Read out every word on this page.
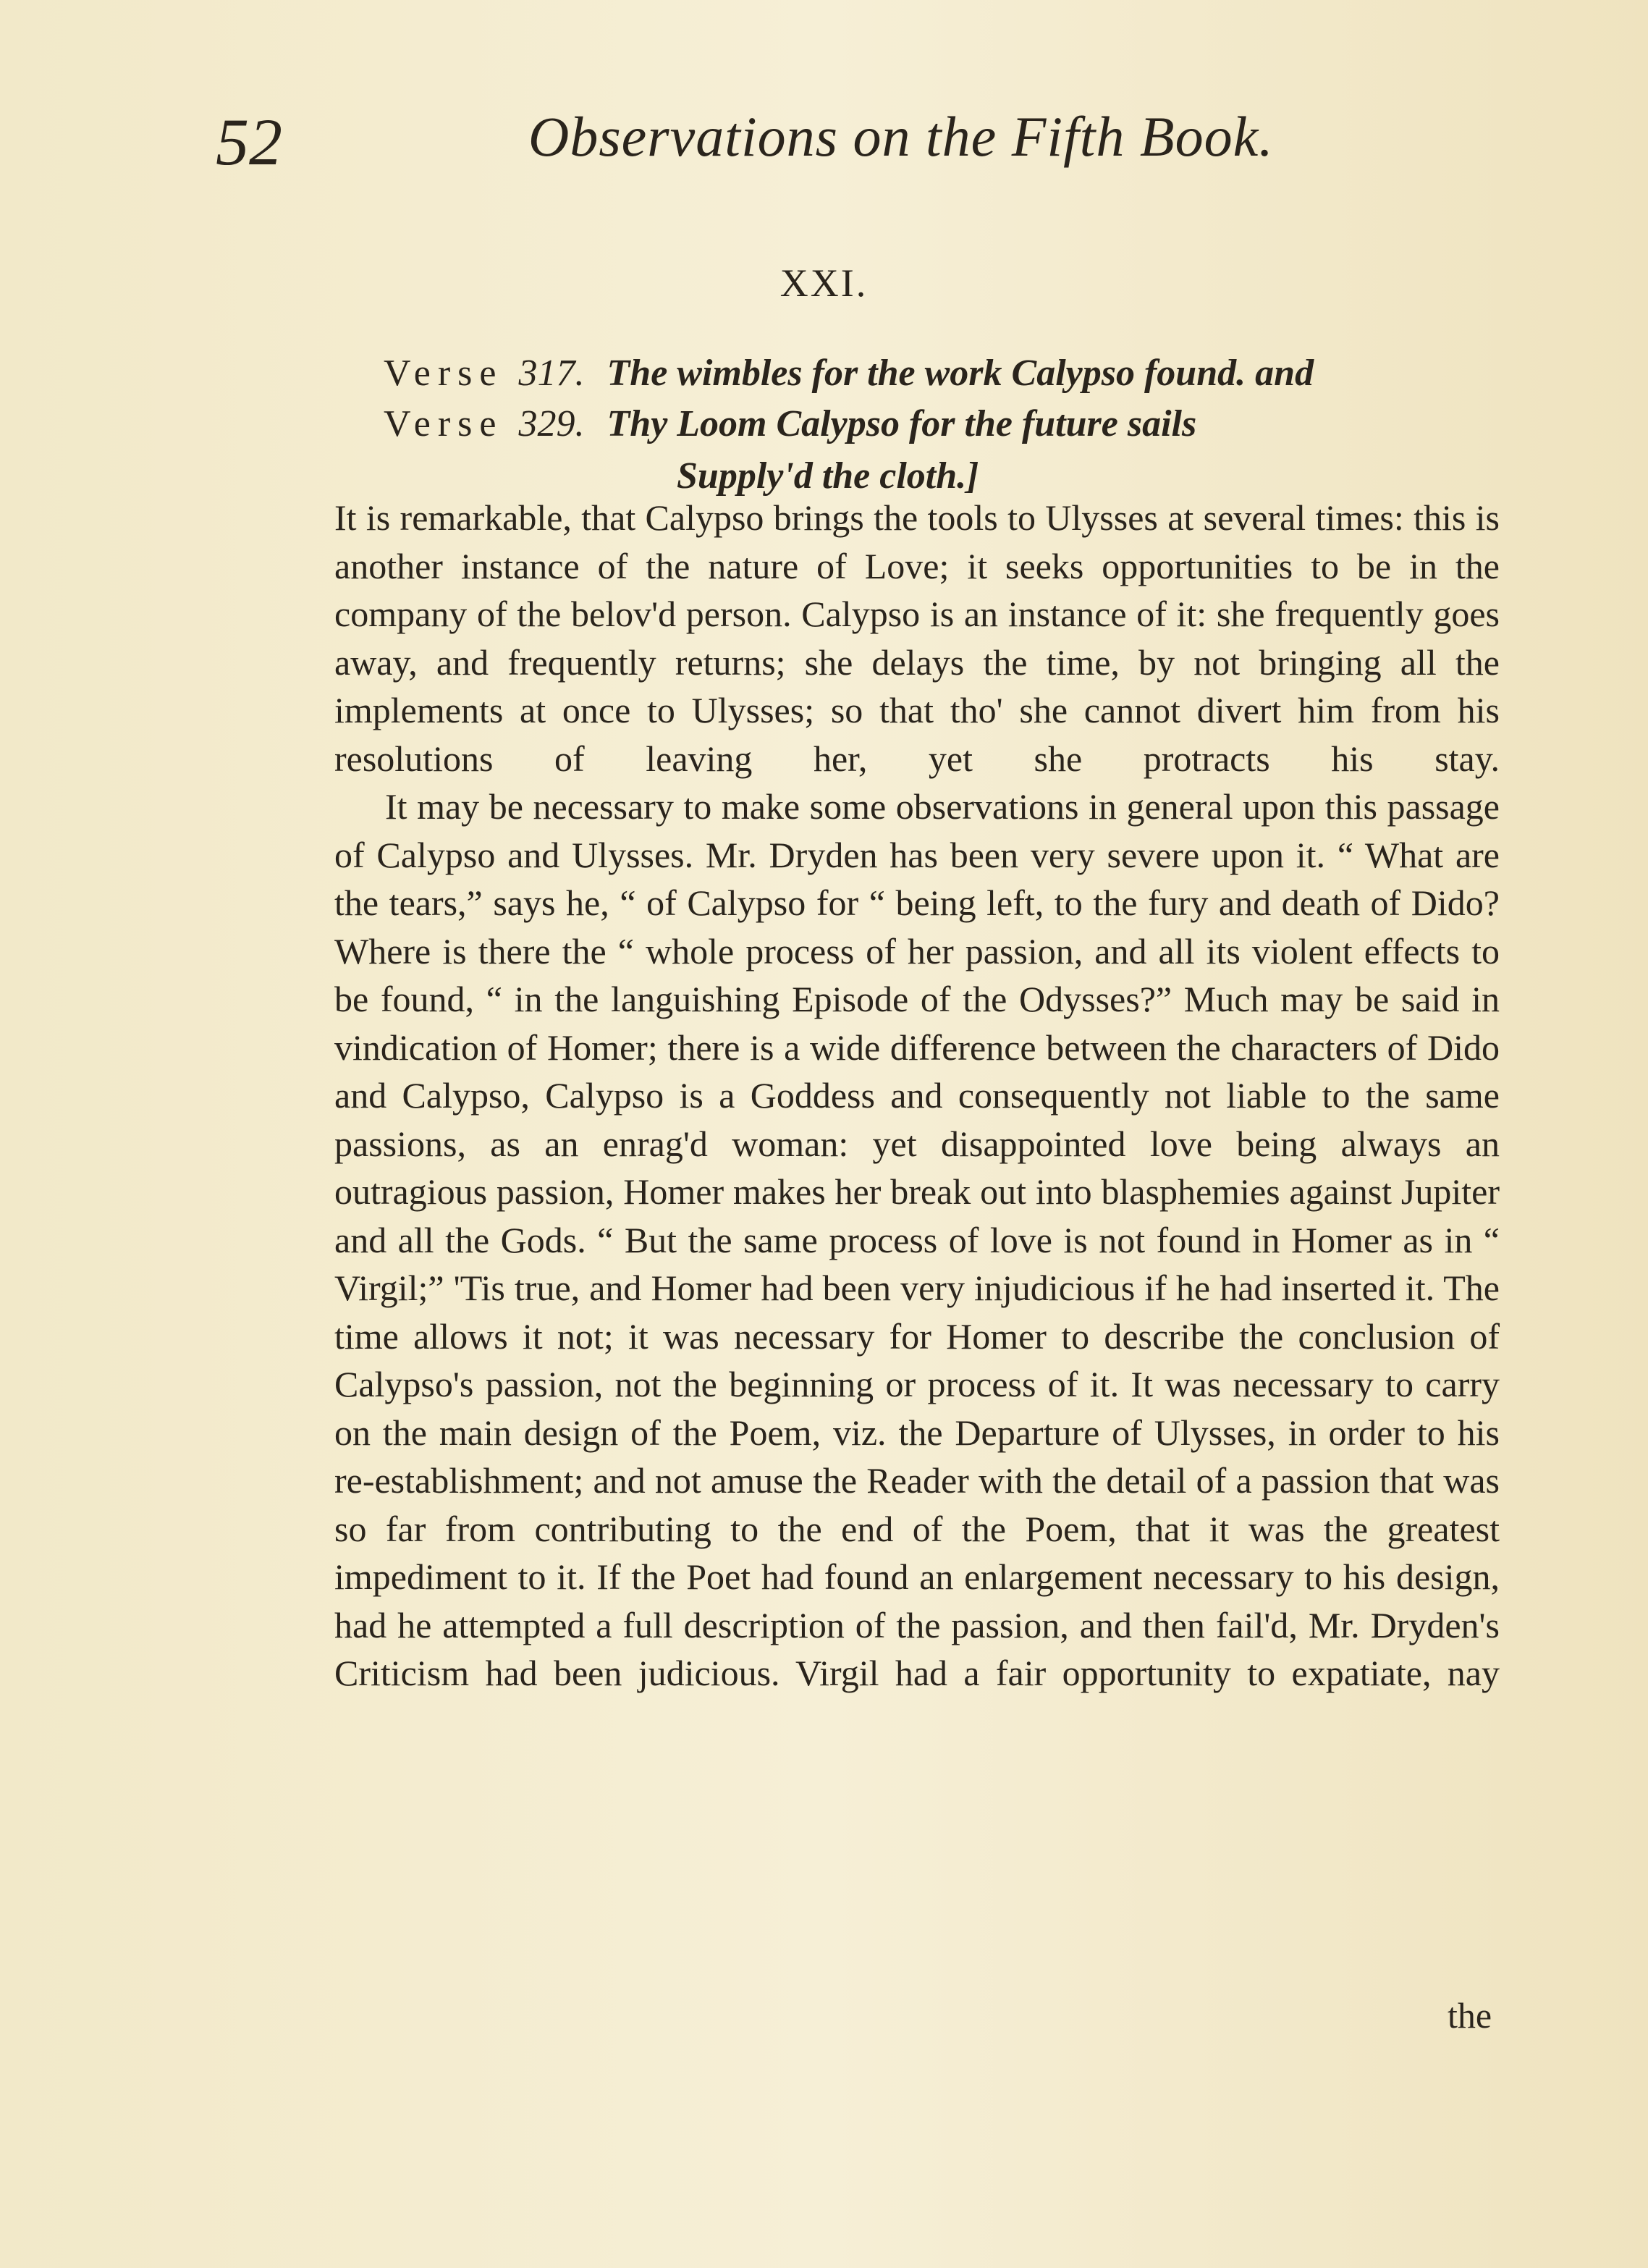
52	Observations on the Fifth Book.
XXI.
Verse 317. The wimbles for the work Calypso found. and
Verse 329. Thy Loom Calypso for the future sails
Supply'd the cloth.]

It is remarkable, that Calypso brings the tools to Ulysses at several times: this is another instance of the nature of Love; it seeks opportunities to be in the company of the belov'd person. Calypso is an instance of it: she frequently goes away, and frequently returns; she delays the time, by not bringing all the implements at once to Ulysses; so that tho' she cannot divert him from his resolutions of leaving her, yet she protracts his stay.

It may be necessary to make some observations in general upon this passage of Calypso and Ulysses. Mr. Dryden has been very severe upon it. “ What are the tears,” says he, “ of Calypso for “ being left, to the fury and death of Dido? Where is there the “ whole process of her passion, and all its violent effects to be found, “ in the languishing Episode of the Odysses?” Much may be said in vindication of Homer; there is a wide difference between the characters of Dido and Calypso, Calypso is a Goddess and consequently not liable to the same passions, as an enrag'd woman: yet disappointed love being always an outragious passion, Homer makes her break out into blasphemies against Jupiter and all the Gods. “ But the same process of love is not found in Homer as in “ Virgil;” 'Tis true, and Homer had been very injudicious if he had inserted it. The time allows it not; it was necessary for Homer to describe the conclusion of Calypso's passion, not the beginning or process of it. It was necessary to carry on the main design of the Poem, viz. the Departure of Ulysses, in order to his re-establishment; and not amuse the Reader with the detail of a passion that was so far from contributing to the end of the Poem, that it was the greatest impediment to it. If the Poet had found an enlargement necessary to his design, had he attempted a full description of the passion, and then fail'd, Mr. Dryden's Criticism had been judicious. Virgil had a fair opportunity to expatiate, nay

the
